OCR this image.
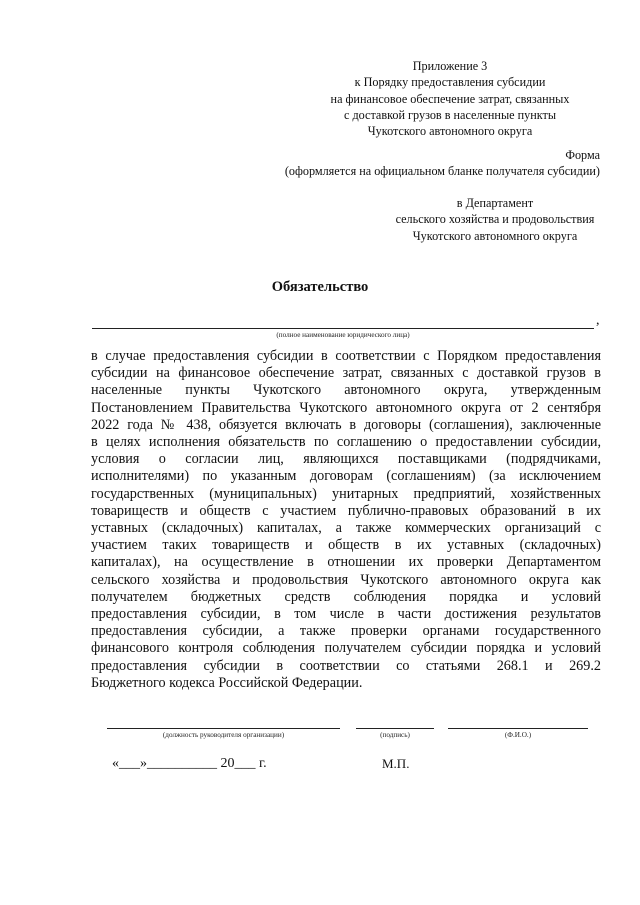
Приложение 3
к Порядку предоставления субсидии
на финансовое обеспечение затрат, связанных
с доставкой грузов в населенные пункты
Чукотского автономного округа
Форма
(оформляется на официальном бланке получателя субсидии)
в Департамент
сельского хозяйства и продовольствия
Чукотского автономного округа
Обязательство
,
(полное наименование юридического лица)
в случае предоставления субсидии в соответствии с Порядком предоставления
субсидии на финансовое обеспечение затрат, связанных с доставкой грузов в
населенные пункты Чукотского автономного округа, утвержденным
Постановлением Правительства Чукотского автономного округа от 2 сентября
2022 года № 438, обязуется включать в договоры (соглашения), заключенные
в целях исполнения обязательств по соглашению о предоставлении субсидии,
условия о согласии лиц, являющихся поставщиками (подрядчиками,
исполнителями) по указанным договорам (соглашениям) (за исключением
государственных (муниципальных) унитарных предприятий, хозяйственных
товариществ и обществ с участием публично-правовых образований в их
уставных (складочных) капиталах, а также коммерческих организаций с
участием таких товариществ и обществ в их уставных (складочных)
капиталах), на осуществление в отношении их проверки Департаментом
сельского хозяйства и продовольствия Чукотского автономного округа как
получателем бюджетных средств соблюдения порядка и условий
предоставления субсидии, в том числе в части достижения результатов
предоставления субсидии, а также проверки органами государственного
финансового контроля соблюдения получателем субсидии порядка и условий
предоставления субсидии в соответствии со статьями 268.1 и 269.2
Бюджетного кодекса Российской Федерации.
(должность руководителя организации)	(подпись)	(Ф.И.О.)
«___»__________ 20___ г.	М.П.
